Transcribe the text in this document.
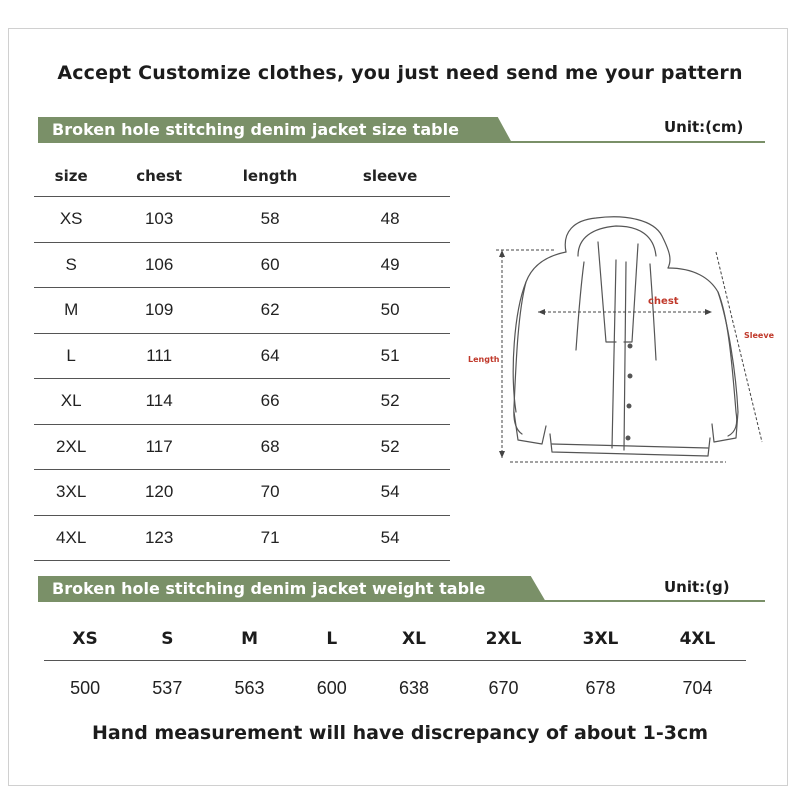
Accept Customize clothes, you just need send me your pattern
Broken hole stitching denim jacket size table	Unit:(cm)
size	chest	length	sleeve
XS	103	58	48
S	106	60	49
M	109	62	50
L	111	64	51
XL	114	66	52
2XL	117	68	52
3XL	120	70	54
4XL	123	71	54
chest
Length
Sleeve
Broken hole stitching denim jacket weight table	Unit:(g)
XS	S	M	L	XL	2XL	3XL	4XL
500	537	563	600	638	670	678	704
Hand measurement will have discrepancy of about 1-3cm
